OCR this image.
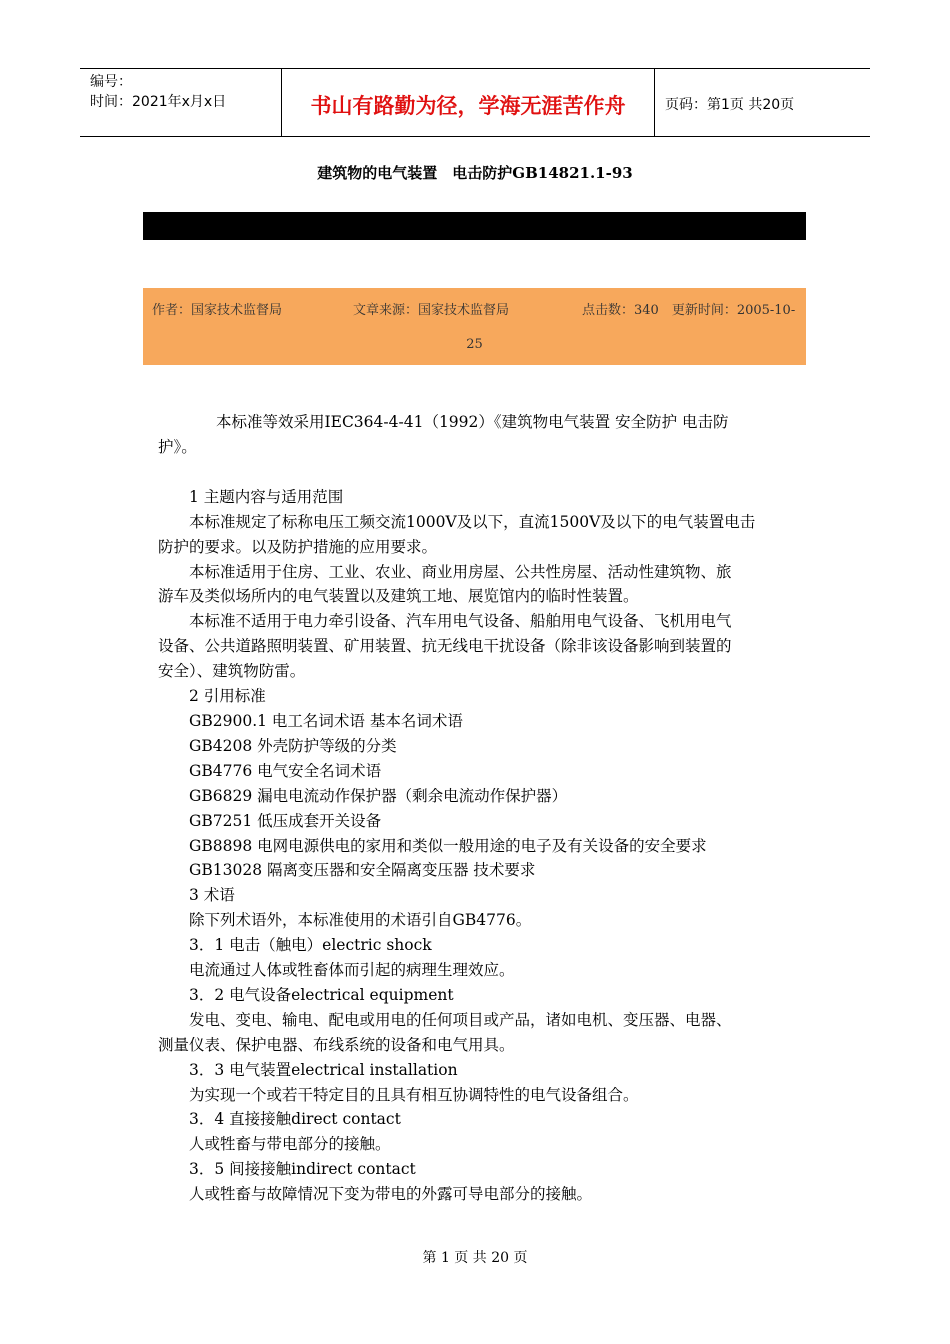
编号：
时间：2021年x月x日	书山有路勤为径，学海无涯苦作舟	页码：第1页 共20页
建筑物的电气装置　电击防护GB14821.1-93
作者：国家技术监督局	文章来源：国家技术监督局	点击数：340　更新时间：2005-10-
25

本标准等效采用IEC364-4-41（1992）《建筑物电气装置 安全防护 电击防

护》。

1 主题内容与适用范围

本标准规定了标称电压工频交流1000V及以下，直流1500V及以下的电气装置电击

防护的要求。以及防护措施的应用要求。

本标准适用于住房、工业、农业、商业用房屋、公共性房屋、活动性建筑物、旅

游车及类似场所内的电气装置以及建筑工地、展览馆内的临时性装置。

本标准不适用于电力牵引设备、汽车用电气设备、船舶用电气设备、飞机用电气

设备、公共道路照明装置、矿用装置、抗无线电干扰设备（除非该设备影响到装置的

安全）、建筑物防雷。

2 引用标准

GB2900.1 电工名词术语 基本名词术语

GB4208 外壳防护等级的分类

GB4776 电气安全名词术语

GB6829 漏电电流动作保护器（剩余电流动作保护器）

GB7251 低压成套开关设备

GB8898 电网电源供电的家用和类似一般用途的电子及有关设备的安全要求

GB13028 隔离变压器和安全隔离变压器 技术要求

3 术语

除下列术语外，本标准使用的术语引自GB4776。

3．1 电击（触电）electric shock

电流通过人体或牲畜体而引起的病理生理效应。

3．2 电气设备electrical equipment

发电、变电、输电、配电或用电的任何项目或产品，诸如电机、变压器、电器、

测量仪表、保护电器、布线系统的设备和电气用具。

3．3 电气装置electrical installation

为实现一个或若干特定目的且具有相互协调特性的电气设备组合。

3．4 直接接触direct contact

人或牲畜与带电部分的接触。

3．5 间接接触indirect contact

人或牲畜与故障情况下变为带电的外露可导电部分的接触。

第 1 页 共 20 页
